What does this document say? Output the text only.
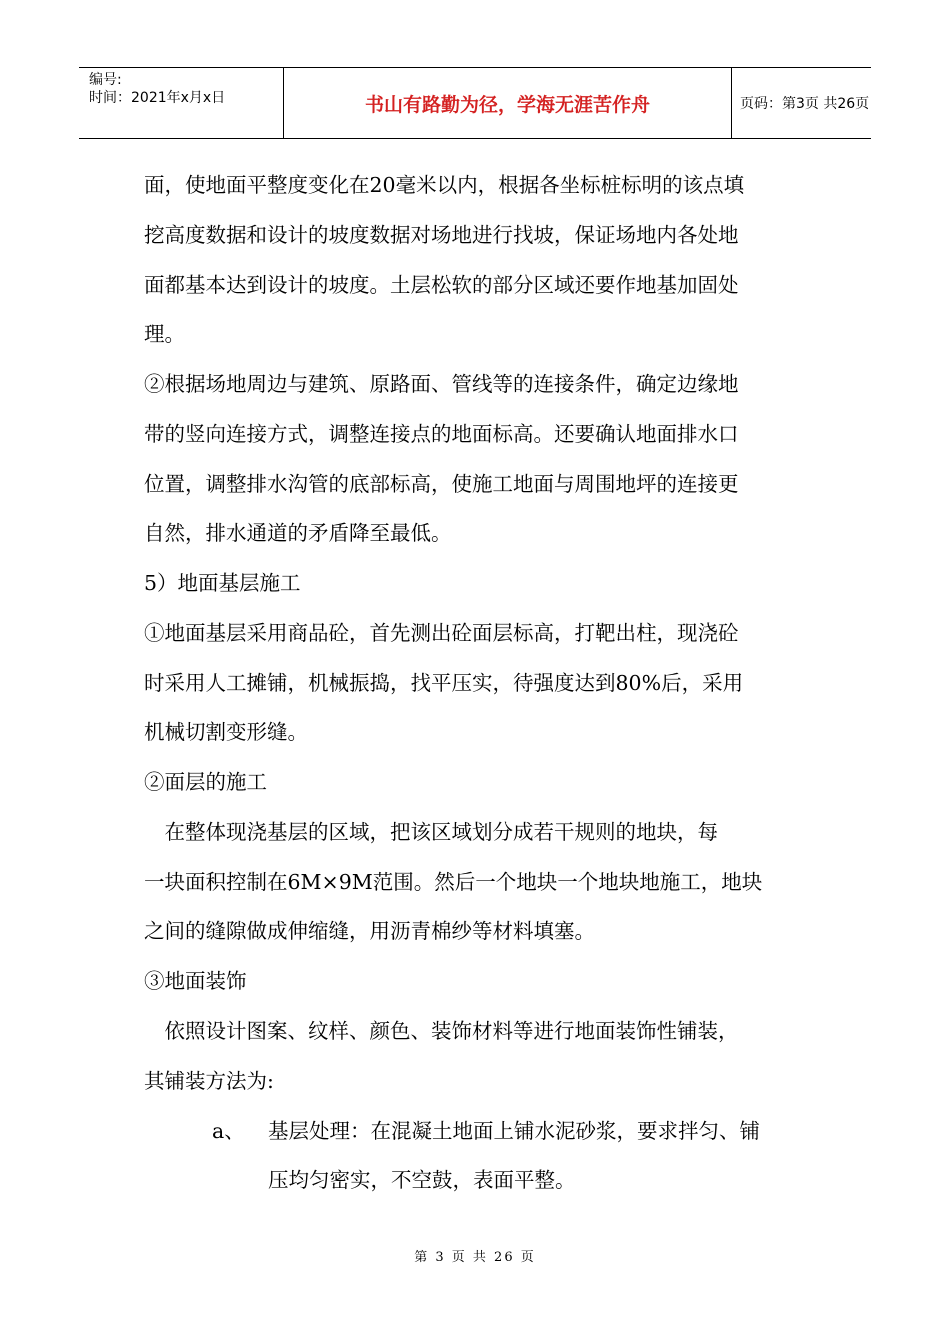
编号:
时间：2021年x月x日	书山有路勤为径，学海无涯苦作舟	页码：第3页 共26页
面，使地面平整度变化在20毫米以内，根据各坐标桩标明的该点填
挖高度数据和设计的坡度数据对场地进行找坡，保证场地内各处地
面都基本达到设计的坡度。土层松软的部分区域还要作地基加固处
理。
②根据场地周边与建筑、原路面、管线等的连接条件，确定边缘地
带的竖向连接方式，调整连接点的地面标高。还要确认地面排水口
位置，调整排水沟管的底部标高，使施工地面与周围地坪的连接更
自然，排水通道的矛盾降至最低。
5）地面基层施工
①地面基层采用商品砼，首先测出砼面层标高，打靶出柱，现浇砼
时采用人工摊铺，机械振捣，找平压实，待强度达到80%后，采用
机械切割变形缝。
②面层的施工
　在整体现浇基层的区域，把该区域划分成若干规则的地块，每
一块面积控制在6M×9M范围。然后一个地块一个地块地施工，地块
之间的缝隙做成伸缩缝，用沥青棉纱等材料填塞。
③地面装饰
　依照设计图案、纹样、颜色、装饰材料等进行地面装饰性铺装，
其铺装方法为:
a、 基层处理：在混凝土地面上铺水泥砂浆，要求拌匀、铺
压均匀密实，不空鼓，表面平整。
第 3 页 共 26 页
